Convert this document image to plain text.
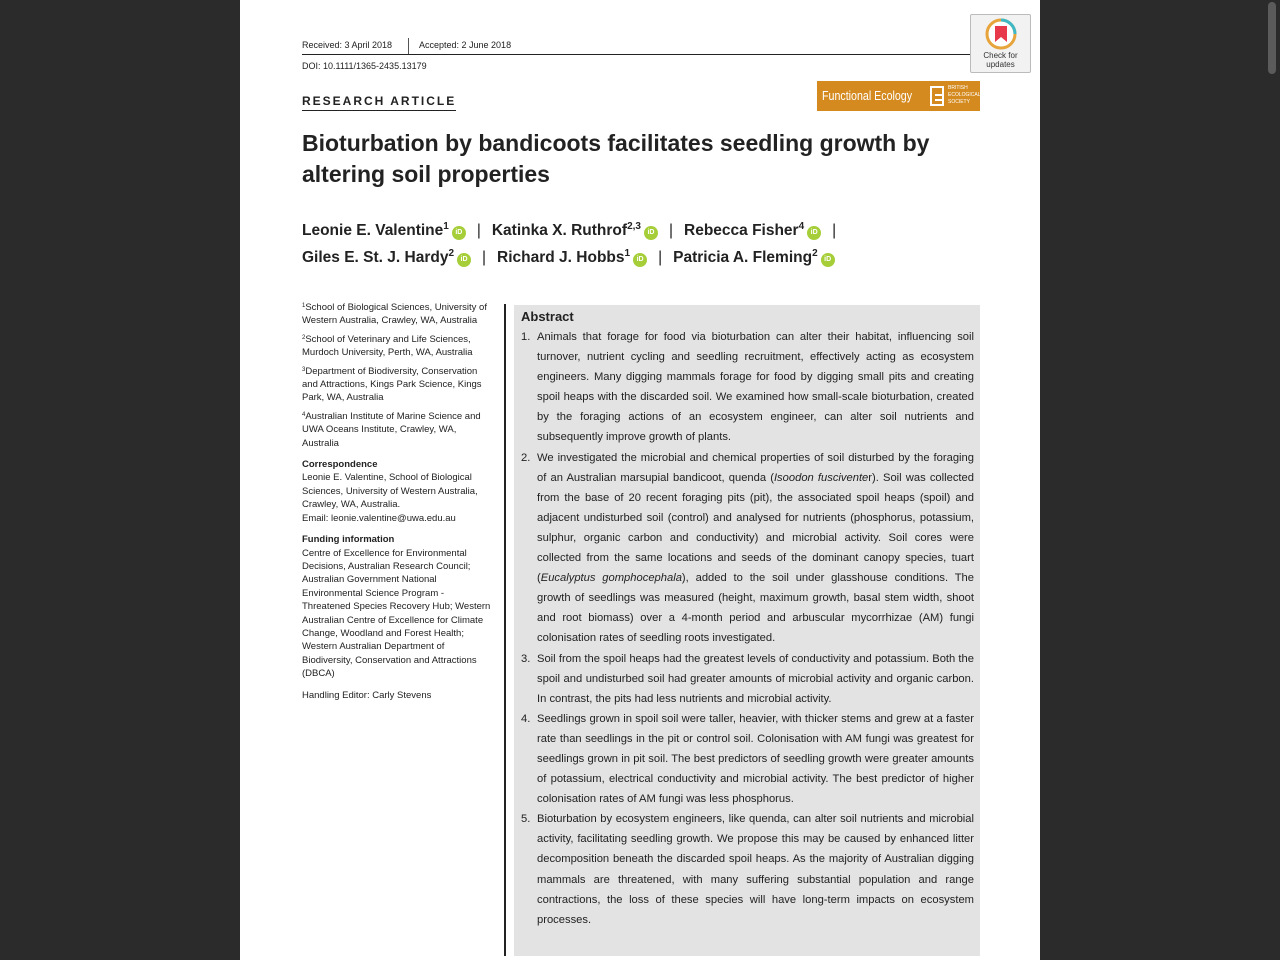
Received: 3 April 2018	Accepted: 2 June 2018
DOI: 10.1111/1365-2435.13179
Check for updates
RESEARCH ARTICLE	Functional Ecology	BRITISH
ECOLOGICAL
SOCIETY
Bioturbation by bandicoots facilitates seedling growth by altering soil properties
Leonie E. Valentine$^1$iD | Katinka X. Ruthrof$^{2,3}$iD | Rebecca Fisher$^4$iD |
Giles E. St. J. Hardy$^2$iD | Richard J. Hobbs$^1$iD | Patricia A. Fleming$^2$iD

$^1$School of Biological Sciences, University of Western Australia, Crawley, WA, Australia

$^2$School of Veterinary and Life Sciences, Murdoch University, Perth, WA, Australia

$^3$Department of Biodiversity, Conservation and Attractions, Kings Park Science, Kings Park, WA, Australia

$^4$Australian Institute of Marine Science and UWA Oceans Institute, Crawley, WA, Australia

Correspondence
Leonie E. Valentine, School of Biological Sciences, University of Western Australia, Crawley, WA, Australia.
Email: leonie.valentine@uwa.edu.au
Funding information
Centre of Excellence for Environmental Decisions, Australian Research Council; Australian Government National Environmental Science Program - Threatened Species Recovery Hub; Western Australian Centre of Excellence for Climate Change, Woodland and Forest Health; Western Australian Department of Biodiversity, Conservation and Attractions (DBCA)
Handling Editor: Carly Stevens
Abstract
1. Animals that forage for food via bioturbation can alter their habitat, influencing soil turnover, nutrient cycling and seedling recruitment, effectively acting as ecosystem engineers. Many digging mammals forage for food by digging small pits and creating spoil heaps with the discarded soil. We examined how small-scale bioturbation, created by the foraging actions of an ecosystem engineer, can alter soil nutrients and subsequently improve growth of plants.
2. We investigated the microbial and chemical properties of soil disturbed by the foraging of an Australian marsupial bandicoot, quenda (Isoodon fusciventer). Soil was collected from the base of 20 recent foraging pits (pit), the associated spoil heaps (spoil) and adjacent undisturbed soil (control) and analysed for nutrients (phosphorus, potassium, sulphur, organic carbon and conductivity) and microbial activity. Soil cores were collected from the same locations and seeds of the dominant canopy species, tuart (Eucalyptus gomphocephala), added to the soil under glasshouse conditions. The growth of seedlings was measured (height, maximum growth, basal stem width, shoot and root biomass) over a 4-month period and arbuscular mycorrhizae (AM) fungi colonisation rates of seedling roots investigated.
3. Soil from the spoil heaps had the greatest levels of conductivity and potassium. Both the spoil and undisturbed soil had greater amounts of microbial activity and organic carbon. In contrast, the pits had less nutrients and microbial activity.
4. Seedlings grown in spoil soil were taller, heavier, with thicker stems and grew at a faster rate than seedlings in the pit or control soil. Colonisation with AM fungi was greatest for seedlings grown in pit soil. The best predictors of seedling growth were greater amounts of potassium, electrical conductivity and microbial activity. The best predictor of higher colonisation rates of AM fungi was less phosphorus.
5. Bioturbation by ecosystem engineers, like quenda, can alter soil nutrients and microbial activity, facilitating seedling growth. We propose this may be caused by enhanced litter decomposition beneath the discarded spoil heaps. As the majority of Australian digging mammals are threatened, with many suffering substantial population and range contractions, the loss of these species will have long-term impacts on ecosystem processes.
